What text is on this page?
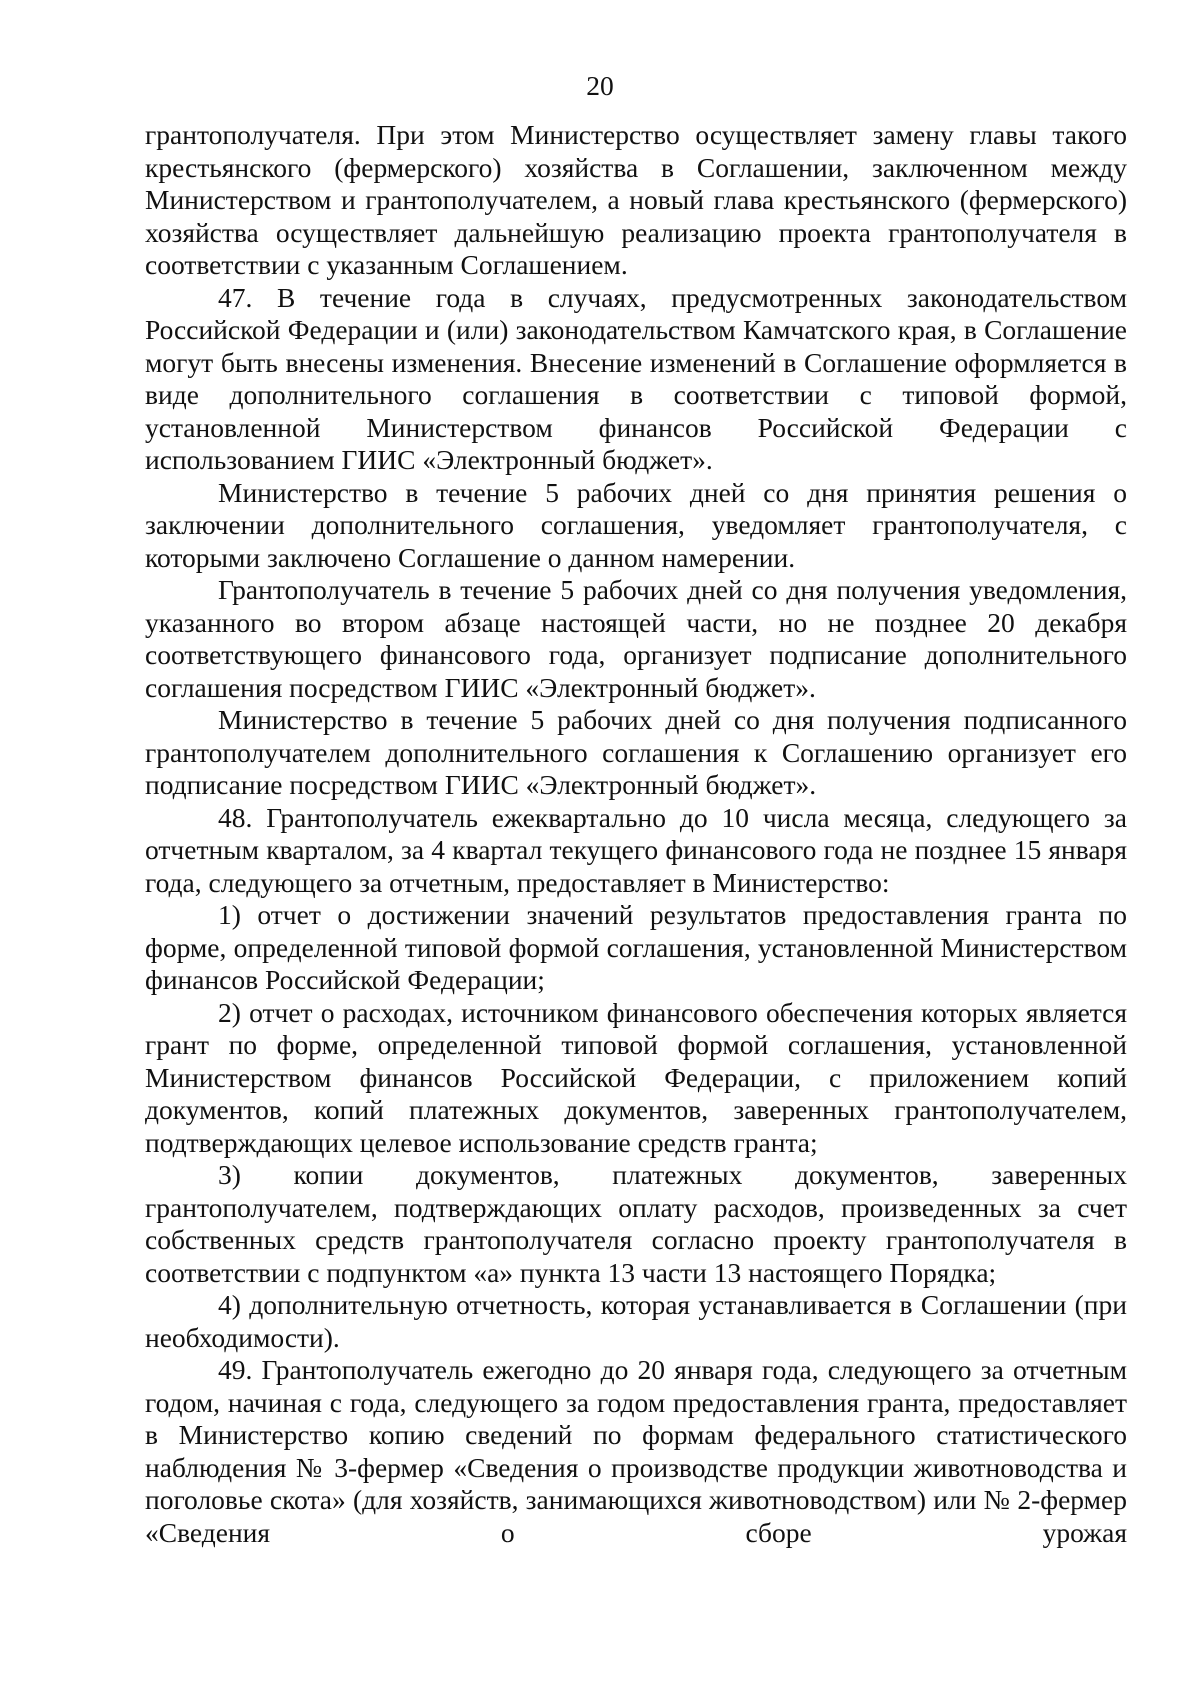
20

грантополучателя. При этом Министерство осуществляет замену главы такого крестьянского (фермерского) хозяйства в Соглашении, заключенном между Министерством и грантополучателем, а новый глава крестьянского (фермерского) хозяйства осуществляет дальнейшую реализацию проекта грантополучателя в соответствии с указанным Соглашением.

47. В течение года в случаях, предусмотренных законодательством Российской Федерации и (или) законодательством Камчатского края, в Соглашение могут быть внесены изменения. Внесение изменений в Соглашение оформляется в виде дополнительного соглашения в соответствии с типовой формой, установленной Министерством финансов Российской Федерации с использованием ГИИС «Электронный бюджет».

Министерство в течение 5 рабочих дней со дня принятия решения о заключении дополнительного соглашения, уведомляет грантополучателя, с которыми заключено Соглашение о данном намерении.

Грантополучатель в течение 5 рабочих дней со дня получения уведомления, указанного во втором абзаце настоящей части, но не позднее 20 декабря соответствующего финансового года, организует подписание дополнительного соглашения посредством ГИИС «Электронный бюджет».

Министерство в течение 5 рабочих дней со дня получения подписанного грантополучателем дополнительного соглашения к Соглашению организует его подписание посредством ГИИС «Электронный бюджет».

48. Грантополучатель ежеквартально до 10 числа месяца, следующего за отчетным кварталом, за 4 квартал текущего финансового года не позднее 15 января года, следующего за отчетным, предоставляет в Министерство:

1) отчет о достижении значений результатов предоставления гранта по форме, определенной типовой формой соглашения, установленной Министерством финансов Российской Федерации;

2) отчет о расходах, источником финансового обеспечения которых является грант по форме, определенной типовой формой соглашения, установленной Министерством финансов Российской Федерации, с приложением копий документов, копий платежных документов, заверенных грантополучателем, подтверждающих целевое использование средств гранта;

3) копии документов, платежных документов, заверенных грантополучателем, подтверждающих оплату расходов, произведенных за счет собственных средств грантополучателя согласно проекту грантополучателя в соответствии с подпунктом «а» пункта 13 части 13 настоящего Порядка;

4) дополнительную отчетность, которая устанавливается в Соглашении (при необходимости).

49. Грантополучатель ежегодно до 20 января года, следующего за отчетным годом, начиная с года, следующего за годом предоставления гранта, предоставляет в Министерство копию сведений по формам федерального статистического наблюдения № 3-фермер «Сведения о производстве продукции животноводства и поголовье скота» (для хозяйств, занимающихся животноводством) или № 2-фермер «Сведения о сборе урожая
